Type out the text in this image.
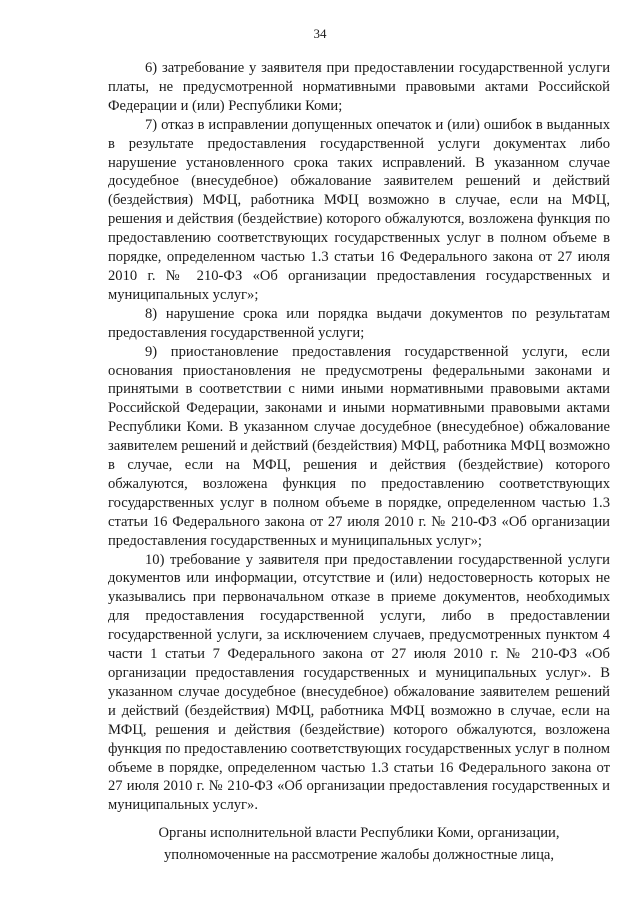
34

6) затребование у заявителя при предоставлении государственной услуги платы, не предусмотренной нормативными правовыми актами Российской Федерации и (или) Республики Коми;

7) отказ в исправлении допущенных опечаток и (или) ошибок в выданных в результате предоставления государственной услуги документах либо нарушение установленного срока таких исправлений. В указанном случае досудебное (внесудебное) обжалование заявителем решений и действий (бездействия) МФЦ, работника МФЦ возможно в случае, если на МФЦ, решения и действия (бездействие) которого обжалуются, возложена функция по предоставлению соответствующих государственных услуг в полном объеме в порядке, определенном частью 1.3 статьи 16 Федерального закона от 27 июля 2010 г. № 210-ФЗ «Об организации предоставления государственных и муниципальных услуг»;

8) нарушение срока или порядка выдачи документов по результатам предоставления государственной услуги;

9) приостановление предоставления государственной услуги, если основания приостановления не предусмотрены федеральными законами и принятыми в соответствии с ними иными нормативными правовыми актами Российской Федерации, законами и иными нормативными правовыми актами Республики Коми. В указанном случае досудебное (внесудебное) обжалование заявителем решений и действий (бездействия) МФЦ, работника МФЦ возможно в случае, если на МФЦ, решения и действия (бездействие) которого обжалуются, возложена функция по предоставлению соответствующих государственных услуг в полном объеме в порядке, определенном частью 1.3 статьи 16 Федерального закона от 27 июля 2010 г. № 210-ФЗ «Об организации предоставления государственных и муниципальных услуг»;

10) требование у заявителя при предоставлении государственной услуги документов или информации, отсутствие и (или) недостоверность которых не указывались при первоначальном отказе в приеме документов, необходимых для предоставления государственной услуги, либо в предоставлении государственной услуги, за исключением случаев, предусмотренных пунктом 4 части 1 статьи 7 Федерального закона от 27 июля 2010 г. № 210-ФЗ «Об организации предоставления государственных и муниципальных услуг». В указанном случае досудебное (внесудебное) обжалование заявителем решений и действий (бездействия) МФЦ, работника МФЦ возможно в случае, если на МФЦ, решения и действия (бездействие) которого обжалуются, возложена функция по предоставлению соответствующих государственных услуг в полном объеме в порядке, определенном частью 1.3 статьи 16 Федерального закона от 27 июля 2010 г. № 210-ФЗ «Об организации предоставления государственных и муниципальных услуг».

Органы исполнительной власти Республики Коми, организации,
уполномоченные на рассмотрение жалобы должностные лица,
